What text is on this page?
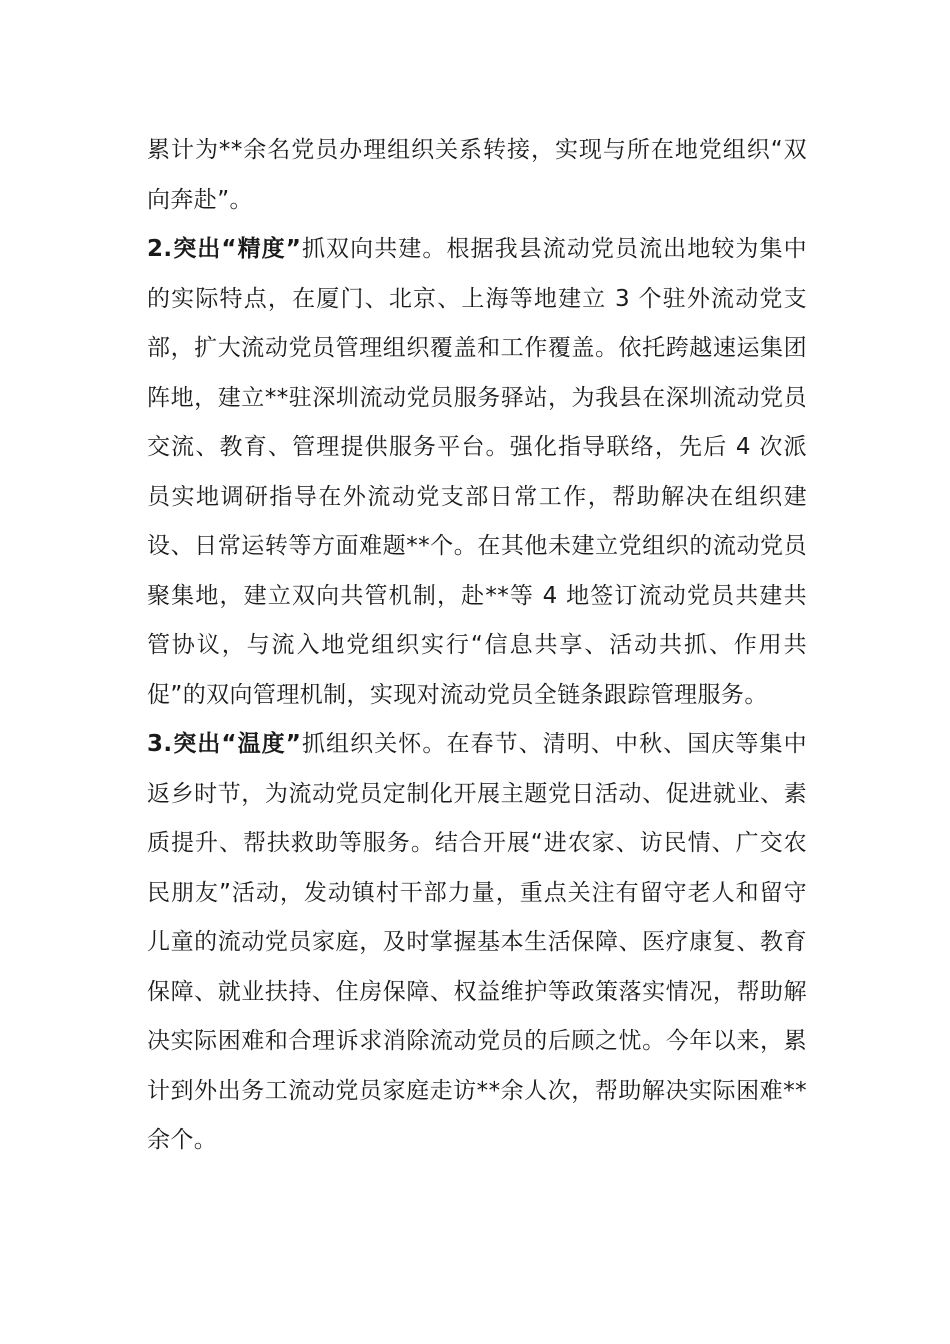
累计为**余名党员办理组织关系转接，实现与所在地党组织“双向奔赴”。

2.突出“精度”抓双向共建。根据我县流动党员流出地较为集中的实际特点，在厦门、北京、上海等地建立 3 个驻外流动党支部，扩大流动党员管理组织覆盖和工作覆盖。依托跨越速运集团阵地，建立**驻深圳流动党员服务驿站，为我县在深圳流动党员交流、教育、管理提供服务平台。强化指导联络，先后 4 次派员实地调研指导在外流动党支部日常工作，帮助解决在组织建设、日常运转等方面难题**个。在其他未建立党组织的流动党员聚集地，建立双向共管机制，赴**等 4 地签订流动党员共建共管协议，与流入地党组织实行“信息共享、活动共抓、作用共促”的双向管理机制，实现对流动党员全链条跟踪管理服务。

3.突出“温度”抓组织关怀。在春节、清明、中秋、国庆等集中返乡时节，为流动党员定制化开展主题党日活动、促进就业、素质提升、帮扶救助等服务。结合开展“进农家、访民情、广交农民朋友”活动，发动镇村干部力量，重点关注有留守老人和留守儿童的流动党员家庭，及时掌握基本生活保障、医疗康复、教育保障、就业扶持、住房保障、权益维护等政策落实情况，帮助解决实际困难和合理诉求消除流动党员的后顾之忧。今年以来，累计到外出务工流动党员家庭走访**余人次，帮助解决实际困难**余个。
